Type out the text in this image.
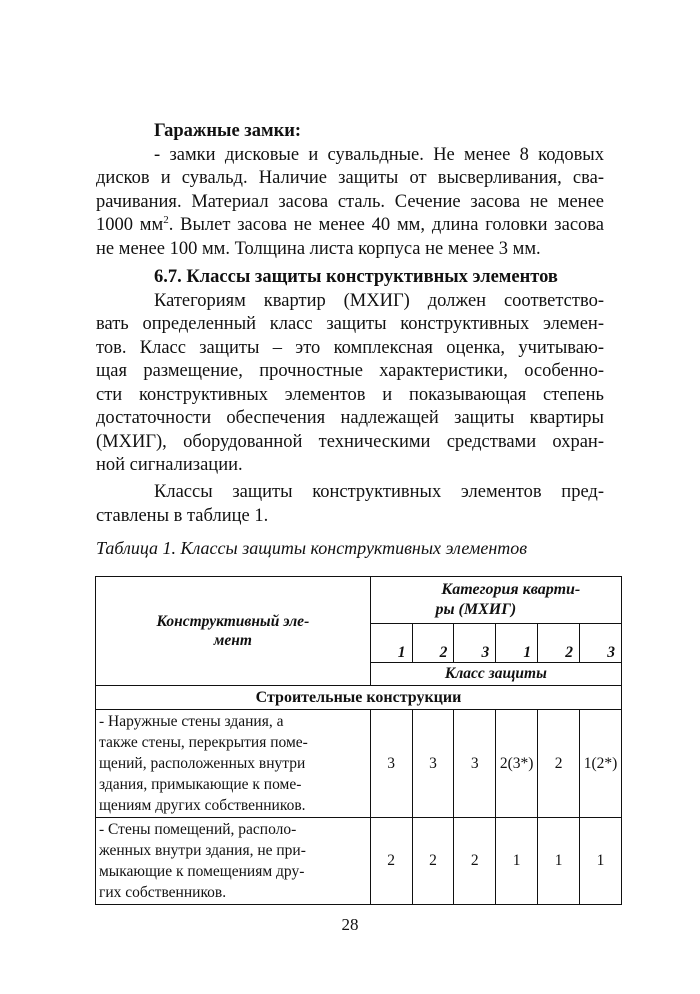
Гаражные замки:
- замки дисковые и сувальдные. Не менее 8 кодовых
дисков и сувальд. Наличие защиты от высверливания, сва-
рачивания. Материал засова сталь. Сечение засова не менее
1000 $мм^2$. Вылет засова не менее 40 мм, длина головки засова
не менее 100 мм. Толщина листа корпуса не менее 3 мм.
6.7. Классы защиты конструктивных элементов
Категориям квартир (МХИГ) должен соответство-
вать определенный класс защиты конструктивных элемен-
тов. Класс защиты – это комплексная оценка, учитываю-
щая размещение, прочностные характеристики, особенно-
сти конструктивных элементов и показывающая степень
достаточности обеспечения надлежащей защиты квартиры
(МХИГ), оборудованной техническими средствами охран-
ной сигнализации.
Классы защиты конструктивных элементов пред-
ставлены в таблице 1.
Таблица 1. Классы защиты конструктивных элементов
Конструктивный эле-
мент	Категория кварти-
ры (МХИГ)					

	1	2	3	1	2	3
	Класс защиты					
Строительные конструкции						

- Наружные стены здания, а
также стены, перекрытия поме-
щений, расположенных внутри
здания, примыкающие к поме-
щениям других собственников.	3	3	3	2(3*)	2	1(2*)

- Стены помещений, располо-
женных внутри здания, не при-
мыкающие к помещениям дру-
гих собственников.	2	2	2	1	1	1
28
